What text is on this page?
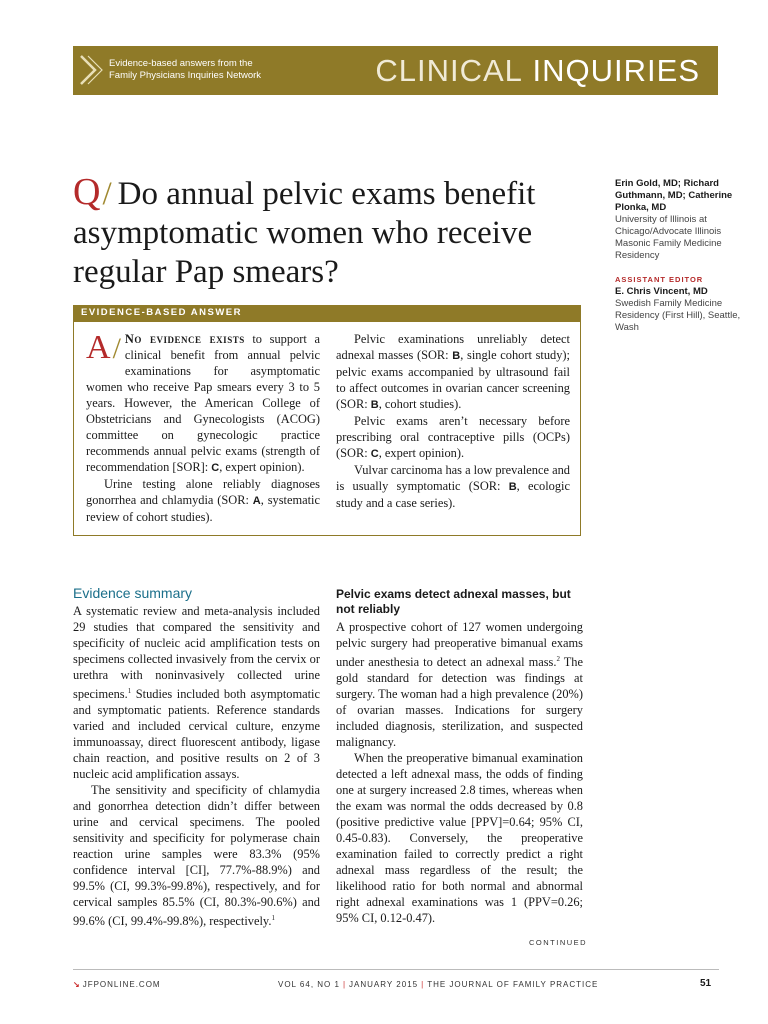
Evidence-based answers from the
Family Physicians Inquiries Network	CLINICAL INQUIRIES
Q/ Do annual pelvic exams benefit asymptomatic women who receive regular Pap smears?
Erin Gold, MD; Richard Guthmann, MD; Catherine Plonka, MD
University of Illinois at Chicago/Advocate Illinois Masonic Family Medicine Residency
ASSISTANT EDITOR
E. Chris Vincent, MD
Swedish Family Medicine Residency (First Hill), Seattle, Wash
EVIDENCE-BASED ANSWER

A/ No evidence exists to support a clinical benefit from annual pelvic examinations for asymptomatic women who receive Pap smears every 3 to 5 years. However, the American College of Obstetricians and Gynecologists (ACOG) committee on gynecologic practice recommends annual pelvic exams (strength of recommendation [SOR]: C, expert opinion).

Urine testing alone reliably diagnoses gonorrhea and chlamydia (SOR: A, systematic review of cohort studies).

Pelvic examinations unreliably detect adnexal masses (SOR: B, single cohort study); pelvic exams accompanied by ultrasound fail to affect outcomes in ovarian cancer screening (SOR: B, cohort studies).

Pelvic exams aren’t necessary before prescribing oral contraceptive pills (OCPs) (SOR: C, expert opinion).

Vulvar carcinoma has a low prevalence and is usually symptomatic (SOR: B, ecologic study and a case series).

Evidence summary

A systematic review and meta-analysis included 29 studies that compared the sensitivity and specificity of nucleic acid amplification tests on specimens collected invasively from the cervix or urethra with noninvasively collected urine specimens.$^1$ Studies included both asymptomatic and symptomatic patients. Reference standards varied and included cervical culture, enzyme immunoassay, direct fluorescent antibody, ligase chain reaction, and positive results on 2 of 3 nucleic acid amplification assays.

The sensitivity and specificity of chlamydia and gonorrhea detection didn’t differ between urine and cervical specimens. The pooled sensitivity and specificity for polymerase chain reaction urine samples were 83.3% (95% confidence interval [CI], 77.7%-88.9%) and 99.5% (CI, 99.3%-99.8%), respectively, and for cervical samples 85.5% (CI, 80.3%-90.6%) and 99.6% (CI, 99.4%-99.8%), respectively.$^1$

Pelvic exams detect adnexal masses, but not reliably

A prospective cohort of 127 women undergoing pelvic surgery had preoperative bimanual exams under anesthesia to detect an adnexal mass.$^2$ The gold standard for detection was findings at surgery. The woman had a high prevalence (20%) of ovarian masses. Indications for surgery included diagnosis, sterilization, and suspected malignancy.

When the preoperative bimanual examination detected a left adnexal mass, the odds of finding one at surgery increased 2.8 times, whereas when the exam was normal the odds decreased by 0.8 (positive predictive value [PPV]=0.64; 95% CI, 0.45-0.83). Conversely, the preoperative examination failed to correctly predict a right adnexal mass regardless of the result; the likelihood ratio for both normal and abnormal right adnexal examinations was 1 (PPV=0.26; 95% CI, 0.12-0.47).

CONTINUED
↘ JFPONLINE.COM	VOL 64, NO 1 | JANUARY 2015 | THE JOURNAL OF FAMILY PRACTICE	51
